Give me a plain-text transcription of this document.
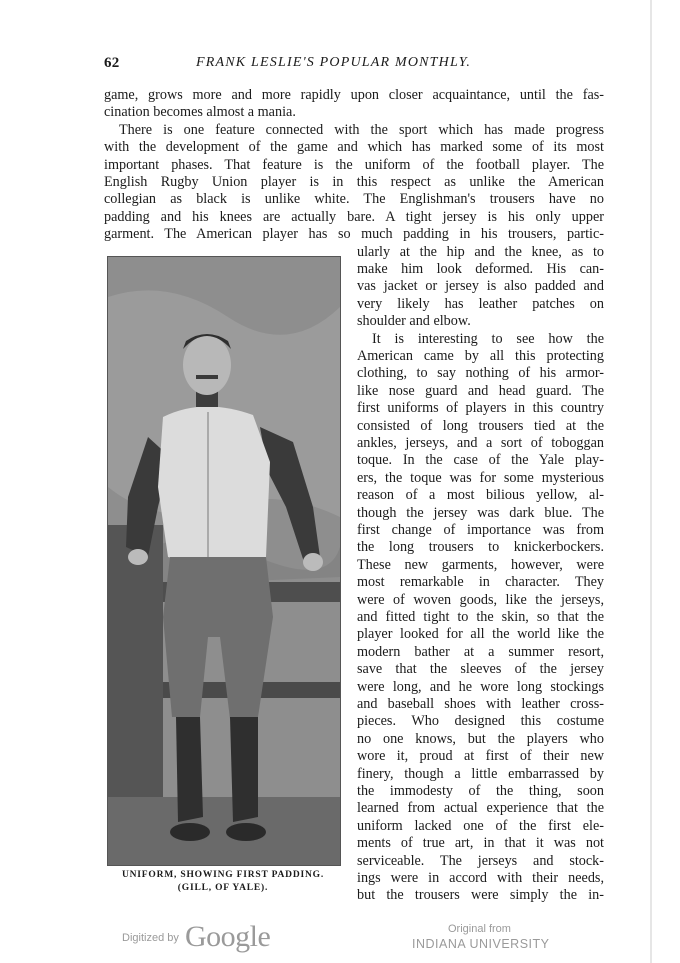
62	FRANK LESLIE'S POPULAR MONTHLY.
game, grows more and more rapidly upon closer acquaintance, until the fas-
cination becomes almost a mania.
There is one feature connected with the sport which has made progress
with the development of the game and which has marked some of its most
important phases. That feature is the uniform of the football player. The
English Rugby Union player is in this respect as unlike the American
collegian as black is unlike white. The Englishman's trousers have no
padding and his knees are actually bare. A tight jersey is his only upper
garment. The American player has so much padding in his trousers, partic-
UNIFORM, SHOWING FIRST PADDING.
(GILL, OF YALE).
ularly at the hip and the knee, as to
make him look deformed. His can-
vas jacket or jersey is also padded and
very likely has leather patches on
shoulder and elbow.
It is interesting to see how the
American came by all this protecting
clothing, to say nothing of his armor-
like nose guard and head guard. The
first uniforms of players in this country
consisted of long trousers tied at the
ankles, jerseys, and a sort of toboggan
toque. In the case of the Yale play-
ers, the toque was for some mysterious
reason of a most bilious yellow, al-
though the jersey was dark blue. The
first change of importance was from
the long trousers to knickerbockers.
These new garments, however, were
most remarkable in character. They
were of woven goods, like the jerseys,
and fitted tight to the skin, so that the
player looked for all the world like the
modern bather at a summer resort,
save that the sleeves of the jersey
were long, and he wore long stockings
and baseball shoes with leather cross-
pieces. Who designed this costume
no one knows, but the players who
wore it, proud at first of their new
finery, though a little embarrassed by
the immodesty of the thing, soon
learned from actual experience that the
uniform lacked one of the first ele-
ments of true art, in that it was not
serviceable. The jerseys and stock-
ings were in accord with their needs,
but the trousers were simply the in-
Digitized by Google	Original from
INDIANA UNIVERSITY
